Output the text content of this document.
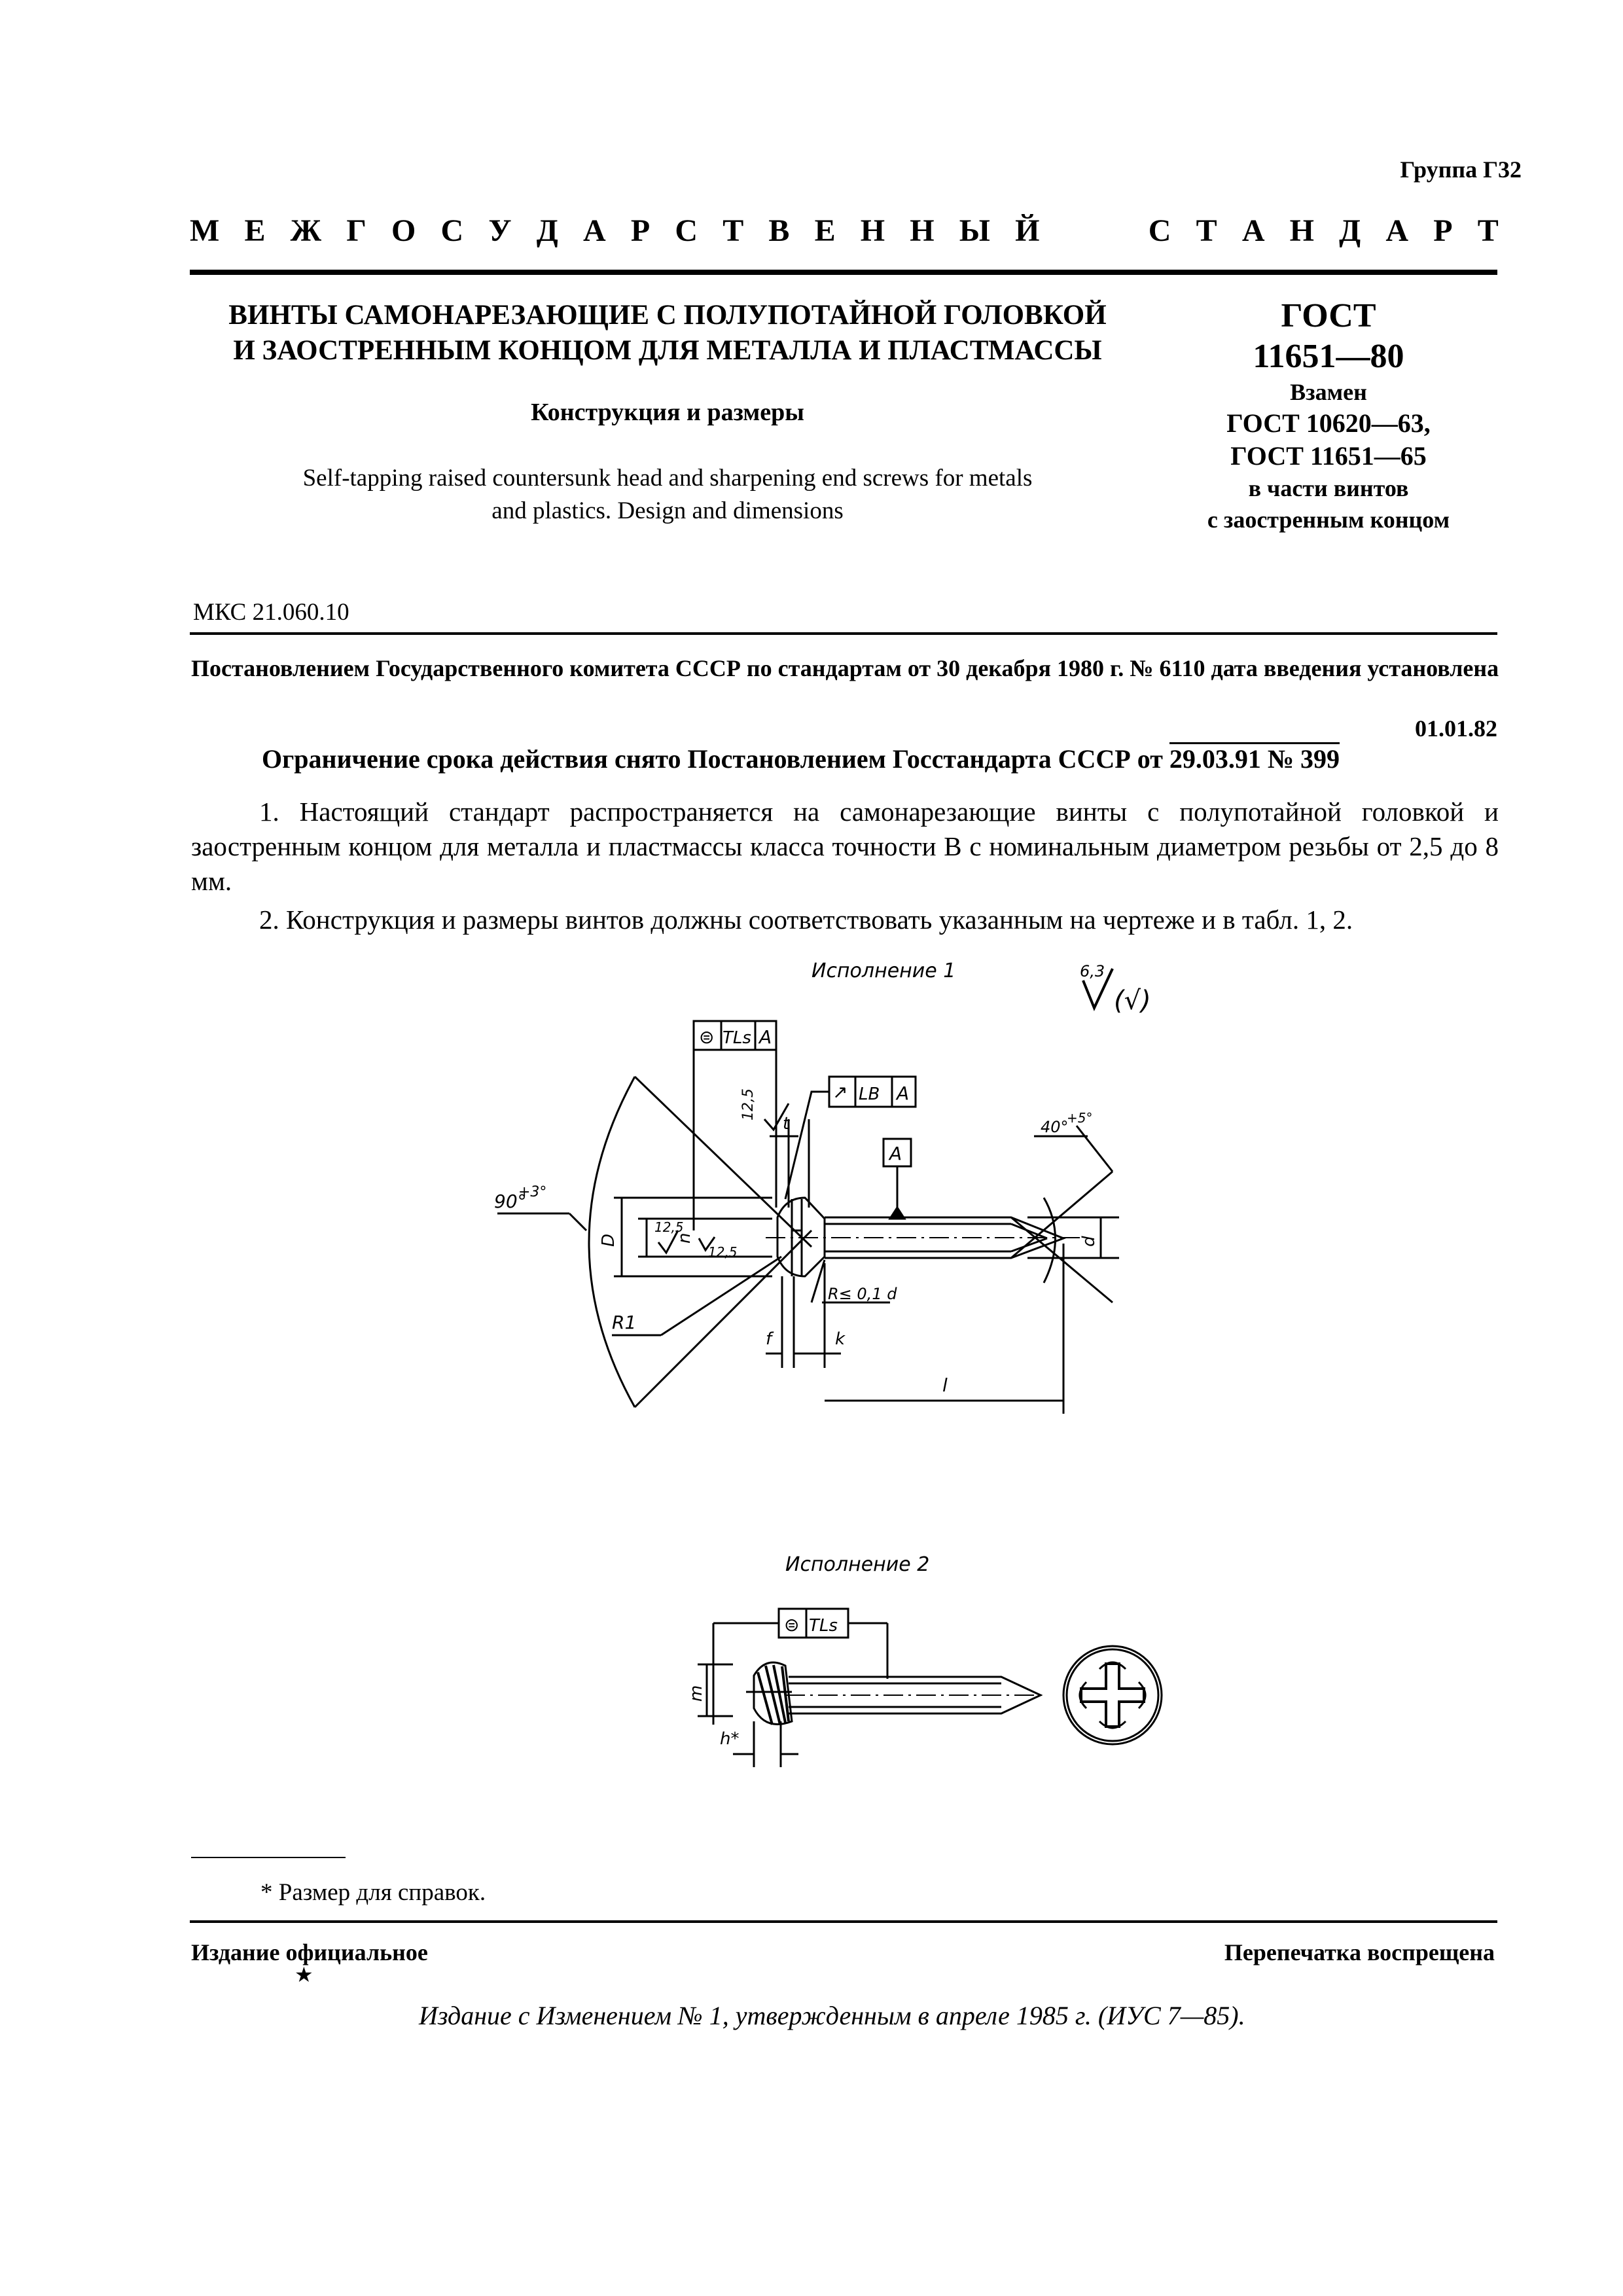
Группа Г32
М Е Ж Г О С У Д А Р С Т В Е Н Н Ы Й	С Т А Н Д А Р Т
ВИНТЫ САМОНАРЕЗАЮЩИЕ С ПОЛУПОТАЙНОЙ ГОЛОВКОЙ
И ЗАОСТРЕННЫМ КОНЦОМ ДЛЯ МЕТАЛЛА И ПЛАСТМАССЫ
Конструкция и размеры
Self-tapping raised countersunk head and sharpening end screws for metals
and plastics. Design and dimensions
ГОСТ
11651—80
Взамен
ГОСТ 10620—63,
ГОСТ 11651—65
в части винтов
с заостренным концом
МКС 21.060.10
Постановлением Государственного комитета СССР по стандартам от 30 декабря 1980 г. № 6110 дата введения установлена
01.01.82
Ограничение срока действия снято Постановлением Госстандарта СССР от 29.03.91 № 399
1. Настоящий стандарт распространяется на самонарезающие винты с полупотайной головкой и заостренным концом для металла и пластмассы класса точности В с номинальным диаметром резьбы от 2,5 до 8 мм.
2. Конструкция и размеры винтов должны соответствовать указанным на чертеже и в табл. 1, 2.
Исполнение 1	6,3
(√)
⊜ TLs A
12,5	↗ LB A
A
t
90°
+3°
D
12,5
n
12,5
R1
f	k
R≤ 0,1 d
l
40°
+5°
d
Исполнение 2
⊜ TLs
m
h*
* Размер для справок.
Издание официальное
★
Перепечатка воспрещена
Издание с Изменением № 1, утвержденным в апреле 1985 г. (ИУС 7—85).
